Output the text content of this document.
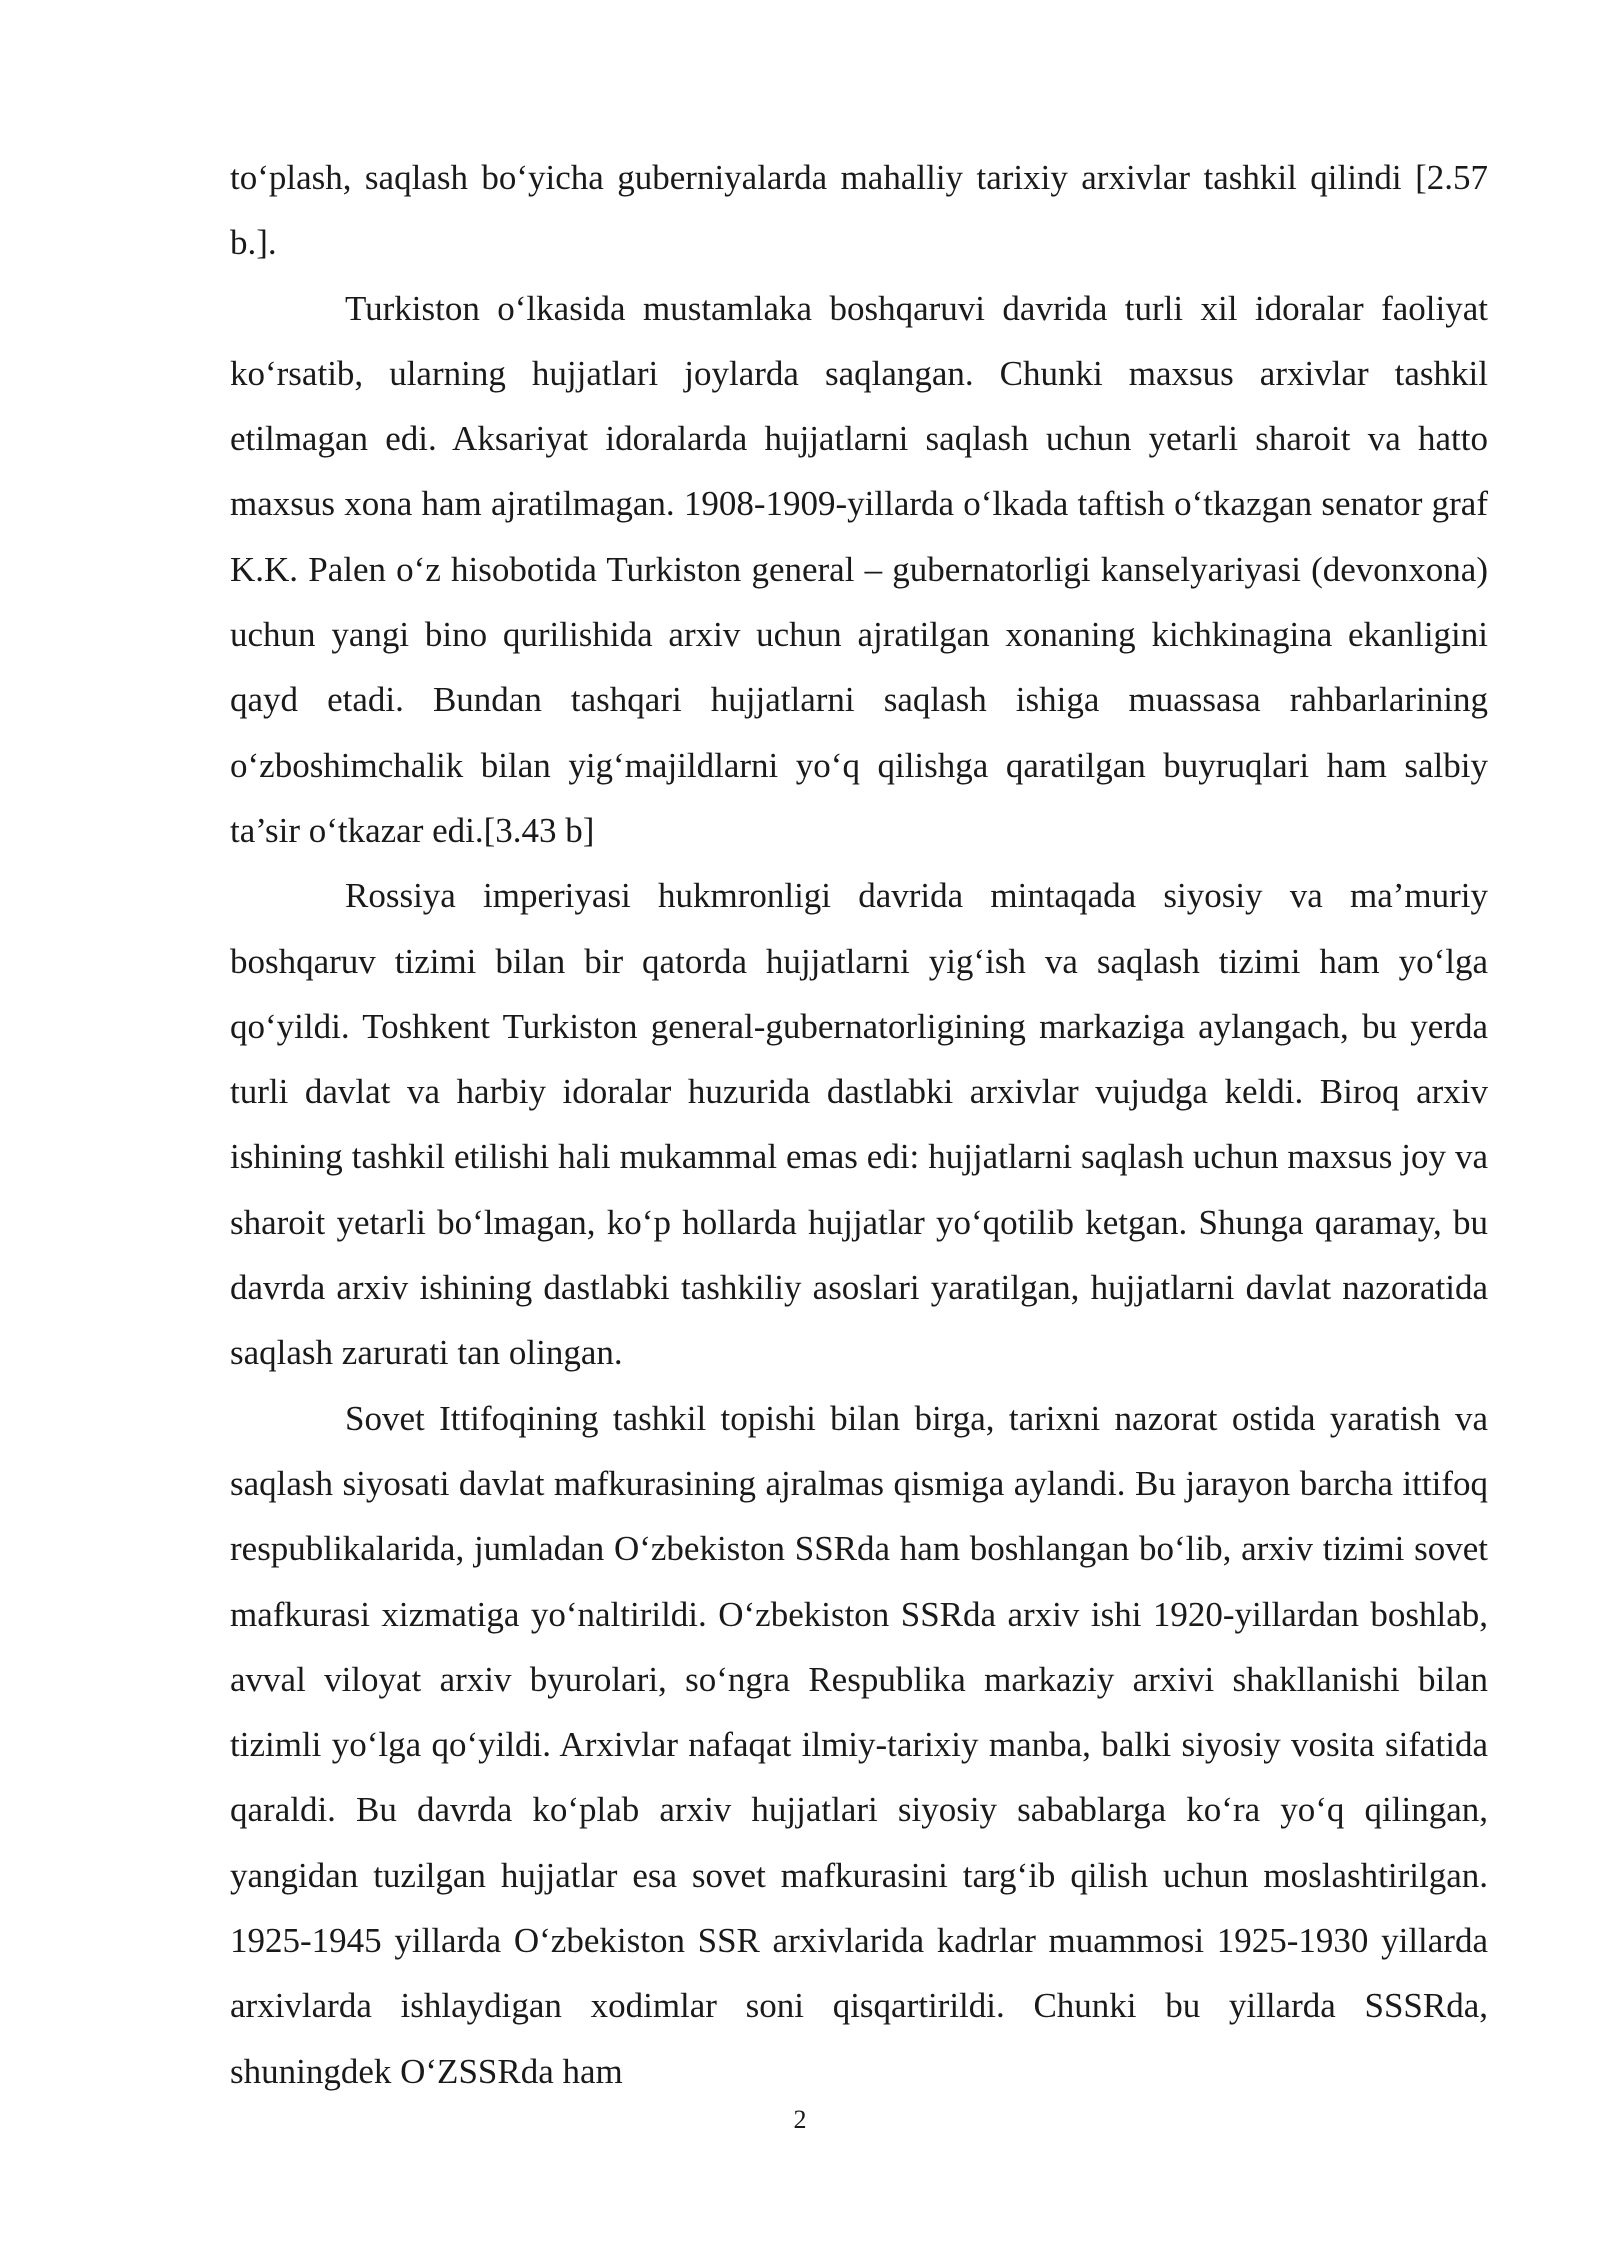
to‘plash, saqlash bo‘yicha guberniyalarda mahalliy tarixiy arxivlar tashkil qilindi [2.57 b.].

Turkiston o‘lkasida mustamlaka boshqaruvi davrida turli xil idoralar faoliyat ko‘rsatib, ularning hujjatlari joylarda saqlangan. Chunki maxsus arxivlar tashkil etilmagan edi. Aksariyat idoralarda hujjatlarni saqlash uchun yetarli sharoit va hatto maxsus xona ham ajratilmagan. 1908-1909-yillarda o‘lkada taftish o‘tkazgan senator graf K.K. Palen o‘z hisobotida Turkiston general – gubernatorligi kanselyariyasi (devonxona) uchun yangi bino qurilishida arxiv uchun ajratilgan xonaning kichkinagina ekanligini qayd etadi. Bundan tashqari hujjatlarni saqlash ishiga muassasa rahbarlarining o‘zboshimchalik bilan yig‘majildlarni yo‘q qilishga qaratilgan buyruqlari ham salbiy ta’sir o‘tkazar edi.[3.43 b]

Rossiya imperiyasi hukmronligi davrida mintaqada siyosiy va ma’muriy boshqaruv tizimi bilan bir qatorda hujjatlarni yig‘ish va saqlash tizimi ham yo‘lga qo‘yildi. Toshkent Turkiston general-gubernatorligining markaziga aylangach, bu yerda turli davlat va harbiy idoralar huzurida dastlabki arxivlar vujudga keldi. Biroq arxiv ishining tashkil etilishi hali mukammal emas edi: hujjatlarni saqlash uchun maxsus joy va sharoit yetarli bo‘lmagan, ko‘p hollarda hujjatlar yo‘qotilib ketgan. Shunga qaramay, bu davrda arxiv ishining dastlabki tashkiliy asoslari yaratilgan, hujjatlarni davlat nazoratida saqlash zarurati tan olingan.

Sovet Ittifoqining tashkil topishi bilan birga, tarixni nazorat ostida yaratish va saqlash siyosati davlat mafkurasining ajralmas qismiga aylandi. Bu jarayon barcha ittifoq respublikalarida, jumladan O‘zbekiston SSRda ham boshlangan bo‘lib, arxiv tizimi sovet mafkurasi xizmatiga yo‘naltirildi. O‘zbekiston SSRda arxiv ishi 1920-yillardan boshlab, avval viloyat arxiv byurolari, so‘ngra Respublika markaziy arxivi shakllanishi bilan tizimli yo‘lga qo‘yildi. Arxivlar nafaqat ilmiy-tarixiy manba, balki siyosiy vosita sifatida qaraldi. Bu davrda ko‘plab arxiv hujjatlari siyosiy sabablarga ko‘ra yo‘q qilingan, yangidan tuzilgan hujjatlar esa sovet mafkurasini targ‘ib qilish uchun moslashtirilgan. 1925-1945 yillarda O‘zbekiston SSR arxivlarida kadrlar muammosi 1925-1930 yillarda arxivlarda ishlaydigan xodimlar soni qisqartirildi. Chunki bu yillarda SSSRda, shuningdek O‘ZSSRda ham

2
